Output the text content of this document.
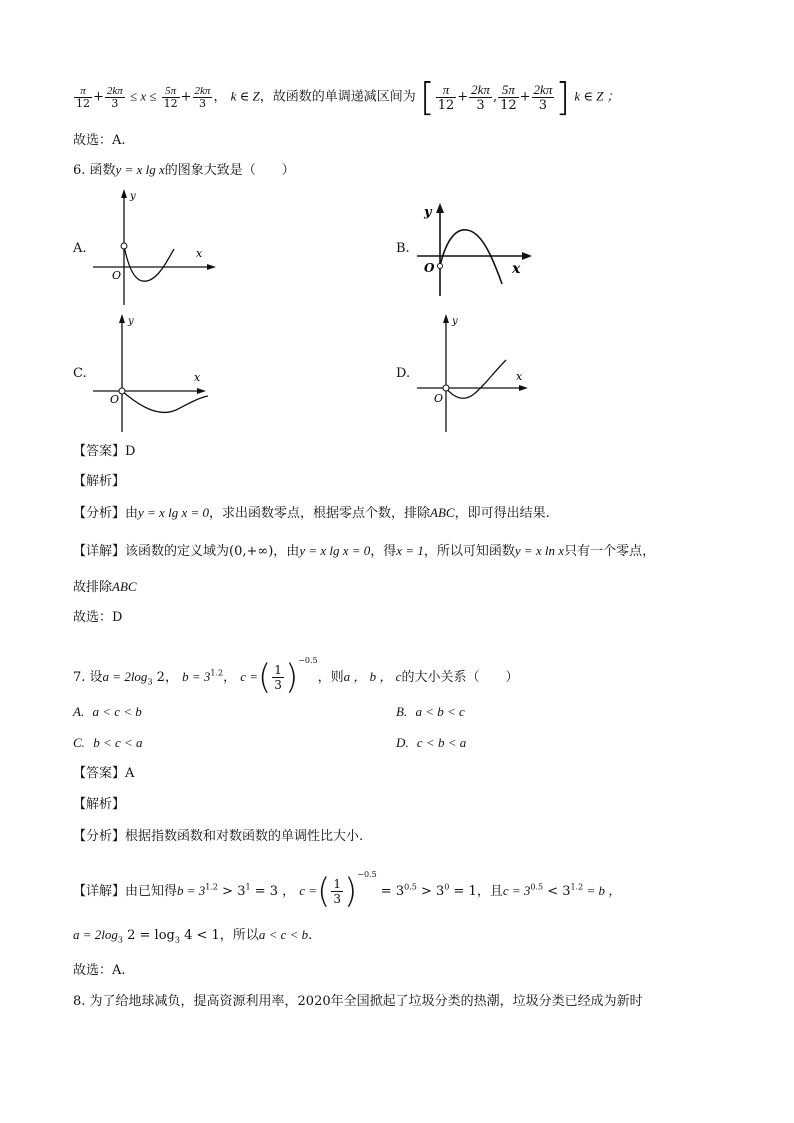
$\frac{\pi}{12} + \frac{2k\pi}{3} \le x \le \frac{5\pi}{12} + \frac{2k\pi}{3}$ ， k ∈ Z，故函数的单调递减区间为 [ $\frac{\pi}{12} + \frac{2k\pi}{3}$ , $\frac{5\pi}{12} + \frac{2k\pi}{3}$ ] k ∈ Z ；
故选：A.
6. 函数y = x lg x的图象大致是（　　）
A.
y
x
O
B.
y
x
O
C.
y
x
O
D.
y
x
O
【答案】D
【解析】
【分析】由y = x lg x = 0，求出函数零点，根据零点个数，排除ABC，即可得出结果.
【详解】该函数的定义域为(0,+∞)，由y = x lg x = 0，得x = 1，所以可知函数y = x ln x只有一个零点，
故排除ABC
故选：D
7. 设$a = 2\log_3$ 2， $b = 3^{1.2}$， c =( $\frac{1}{3} )^{-0.5}$，则a ， b ， c的大小关系（　　）
A. a < c < b	B. a < b < c
C. b < c < a	D. c < b < a
【答案】A
【解析】
【分析】根据指数函数和对数函数的单调性比大小.
【详解】由已知得$b = 3^{1.2} > 3^1 = 3$ ， c =( $\frac{1}{3} )^{-0.5} = 3^{0.5} > 3^0 = 1$，且$c = 3^{0.5} < 3^{1.2} = b$ ，
$a = 2\log_3$ $2 = \log_3 4 < 1$，所以a < c < b.
故选：A.
8. 为了给地球减负，提高资源利用率，2020年全国掀起了垃圾分类的热潮，垃圾分类已经成为新时
